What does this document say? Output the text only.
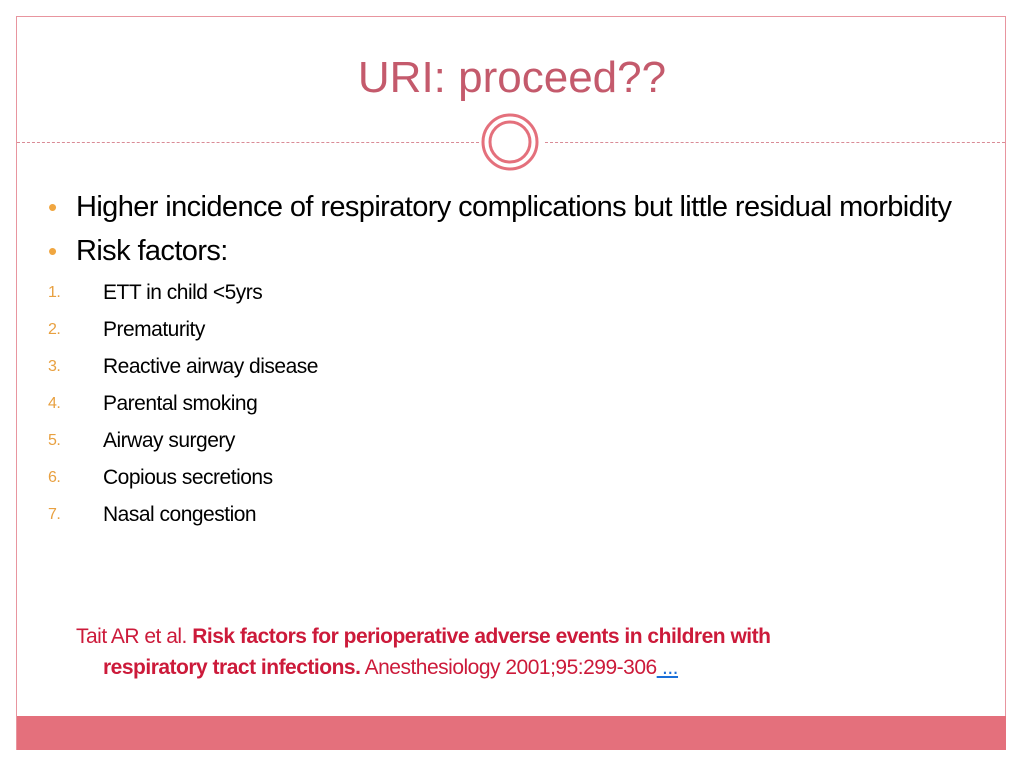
URI: proceed??
• Higher incidence of respiratory complications but little residual morbidity
• Risk factors:
1.	ETT in child <5yrs
2.	Prematurity
3.	Reactive airway disease
4.	Parental smoking
5.	Airway surgery
6.	Copious secretions
7.	Nasal congestion
Tait AR et al. Risk factors for perioperative adverse events in children with
respiratory tract infections. Anesthesiology 2001;95:299-306 ...
